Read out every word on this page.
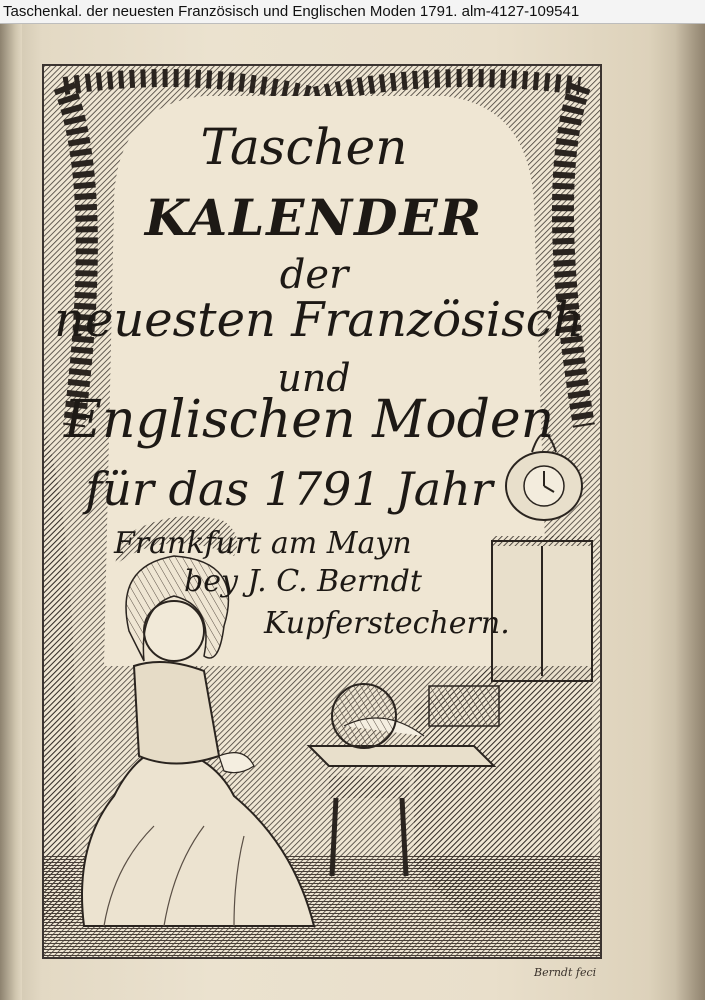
Taschenkal. der neuesten Französisch und Englischen Moden 1791. alm-4127-109541
Taschen
KALENDER
der
neuesten Französisch
und
Englischen Moden
für das 1791 Jahr
Frankfurt am Mayn
bey J. C. Berndt
Kupferstechern.
Berndt feci
